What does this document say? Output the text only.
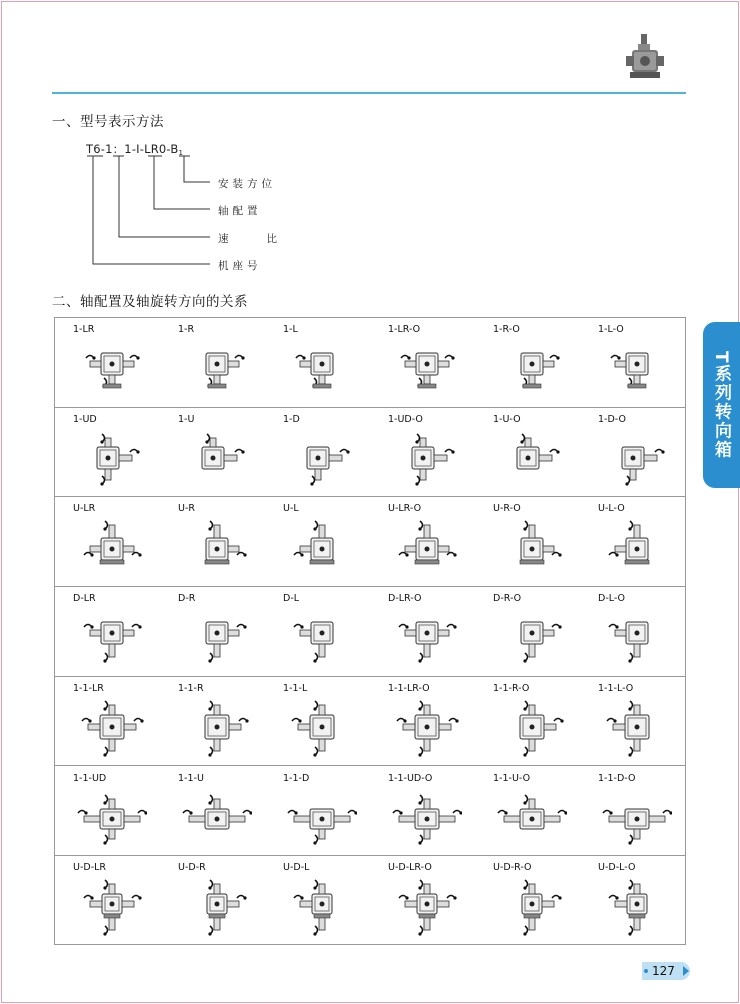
一、型号表示方法
T6-1：$1-I-LR0-B_1$
安装方位
轴配置
速比
机座号
二、轴配置及轴旋转方向的关系
1-LR	1-R	1-L	1-LR-O	1-R-O	1-L-O
1-UD	1-U	1-D	1-UD-O	1-U-O	1-D-O
U-LR	U-R	U-L	U-LR-O	U-R-O	U-L-O
D-LR	D-R	D-L	D-LR-O	D-R-O	D-L-O
1-1-LR	1-1-R	1-1-L	1-1-LR-O	1-1-R-O	1-1-L-O
1-1-UD	1-1-U	1-1-D	1-1-UD-O	1-1-U-O	1-1-D-O
U-D-LR	U-D-R	U-D-L	U-D-LR-O	U-D-R-O	U-D-L-O
T系列转向箱
127
